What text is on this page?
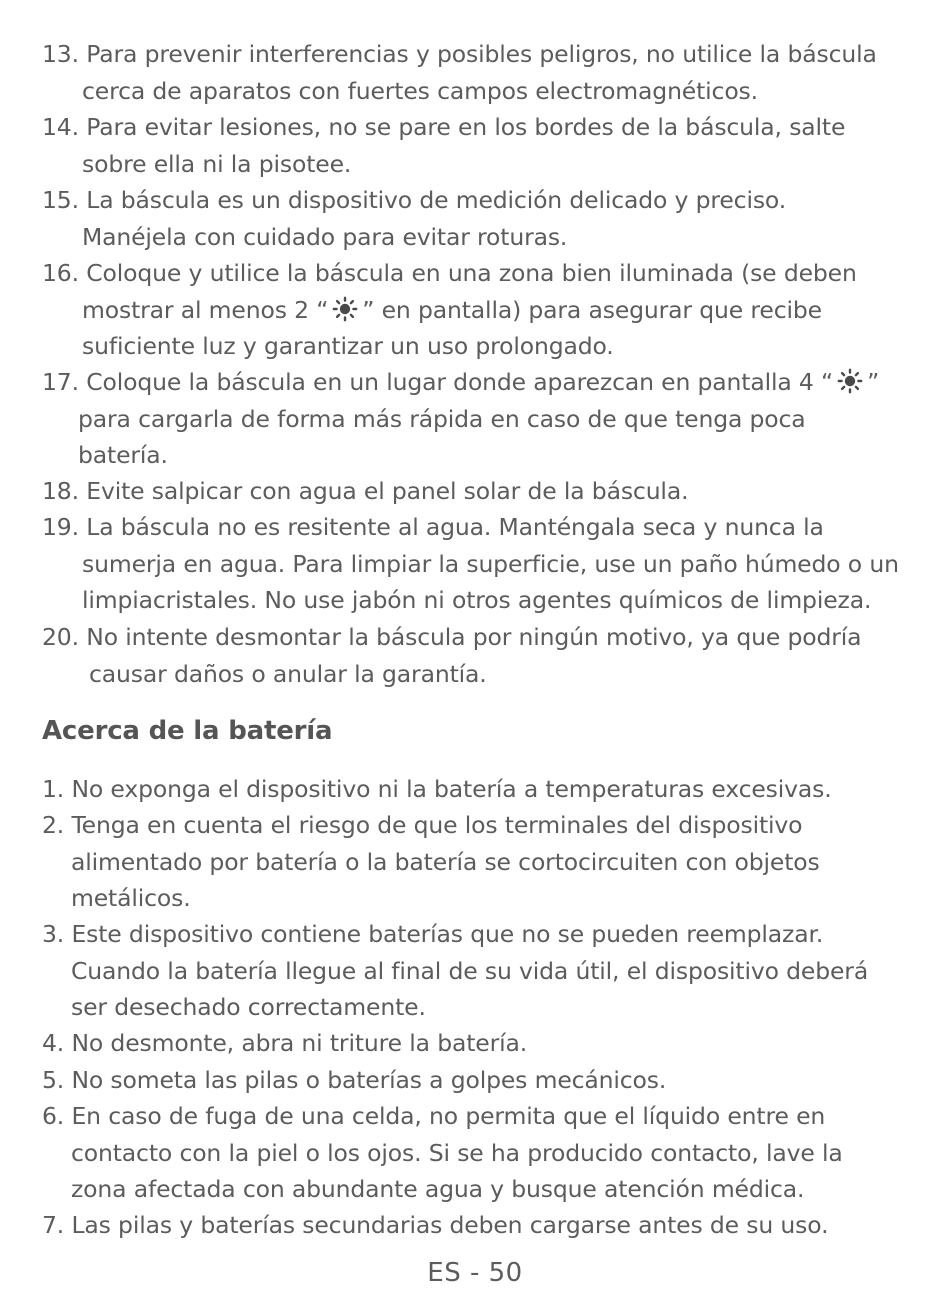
13. Para prevenir interferencias y posibles peligros, no utilice la báscula
cerca de aparatos con fuertes campos electromagnéticos.
14. Para evitar lesiones, no se pare en los bordes de la báscula, salte
sobre ella ni la pisotee.
15. La báscula es un dispositivo de medición delicado y preciso.
Manéjela con cuidado para evitar roturas.
16. Coloque y utilice la báscula en una zona bien iluminada (se deben
mostrar al menos 2 “ ” en pantalla) para asegurar que recibe
suficiente luz y garantizar un uso prolongado.
17. Coloque la báscula en un lugar donde aparezcan en pantalla 4 “ ”
para cargarla de forma más rápida en caso de que tenga poca
batería.
18. Evite salpicar con agua el panel solar de la báscula.
19. La báscula no es resitente al agua. Manténgala seca y nunca la
sumerja en agua. Para limpiar la superficie, use un paño húmedo o un
limpiacristales. No use jabón ni otros agentes químicos de limpieza.
20. No intente desmontar la báscula por ningún motivo, ya que podría
causar daños o anular la garantía.
Acerca de la batería
1. No exponga el dispositivo ni la batería a temperaturas excesivas.
2. Tenga en cuenta el riesgo de que los terminales del dispositivo
alimentado por batería o la batería se cortocircuiten con objetos
metálicos.
3. Este dispositivo contiene baterías que no se pueden reemplazar.
Cuando la batería llegue al final de su vida útil, el dispositivo deberá
ser desechado correctamente.
4. No desmonte, abra ni triture la batería.
5. No someta las pilas o baterías a golpes mecánicos.
6. En caso de fuga de una celda, no permita que el líquido entre en
contacto con la piel o los ojos. Si se ha producido contacto, lave la
zona afectada con abundante agua y busque atención médica.
7. Las pilas y baterías secundarias deben cargarse antes de su uso.
ES - 50
